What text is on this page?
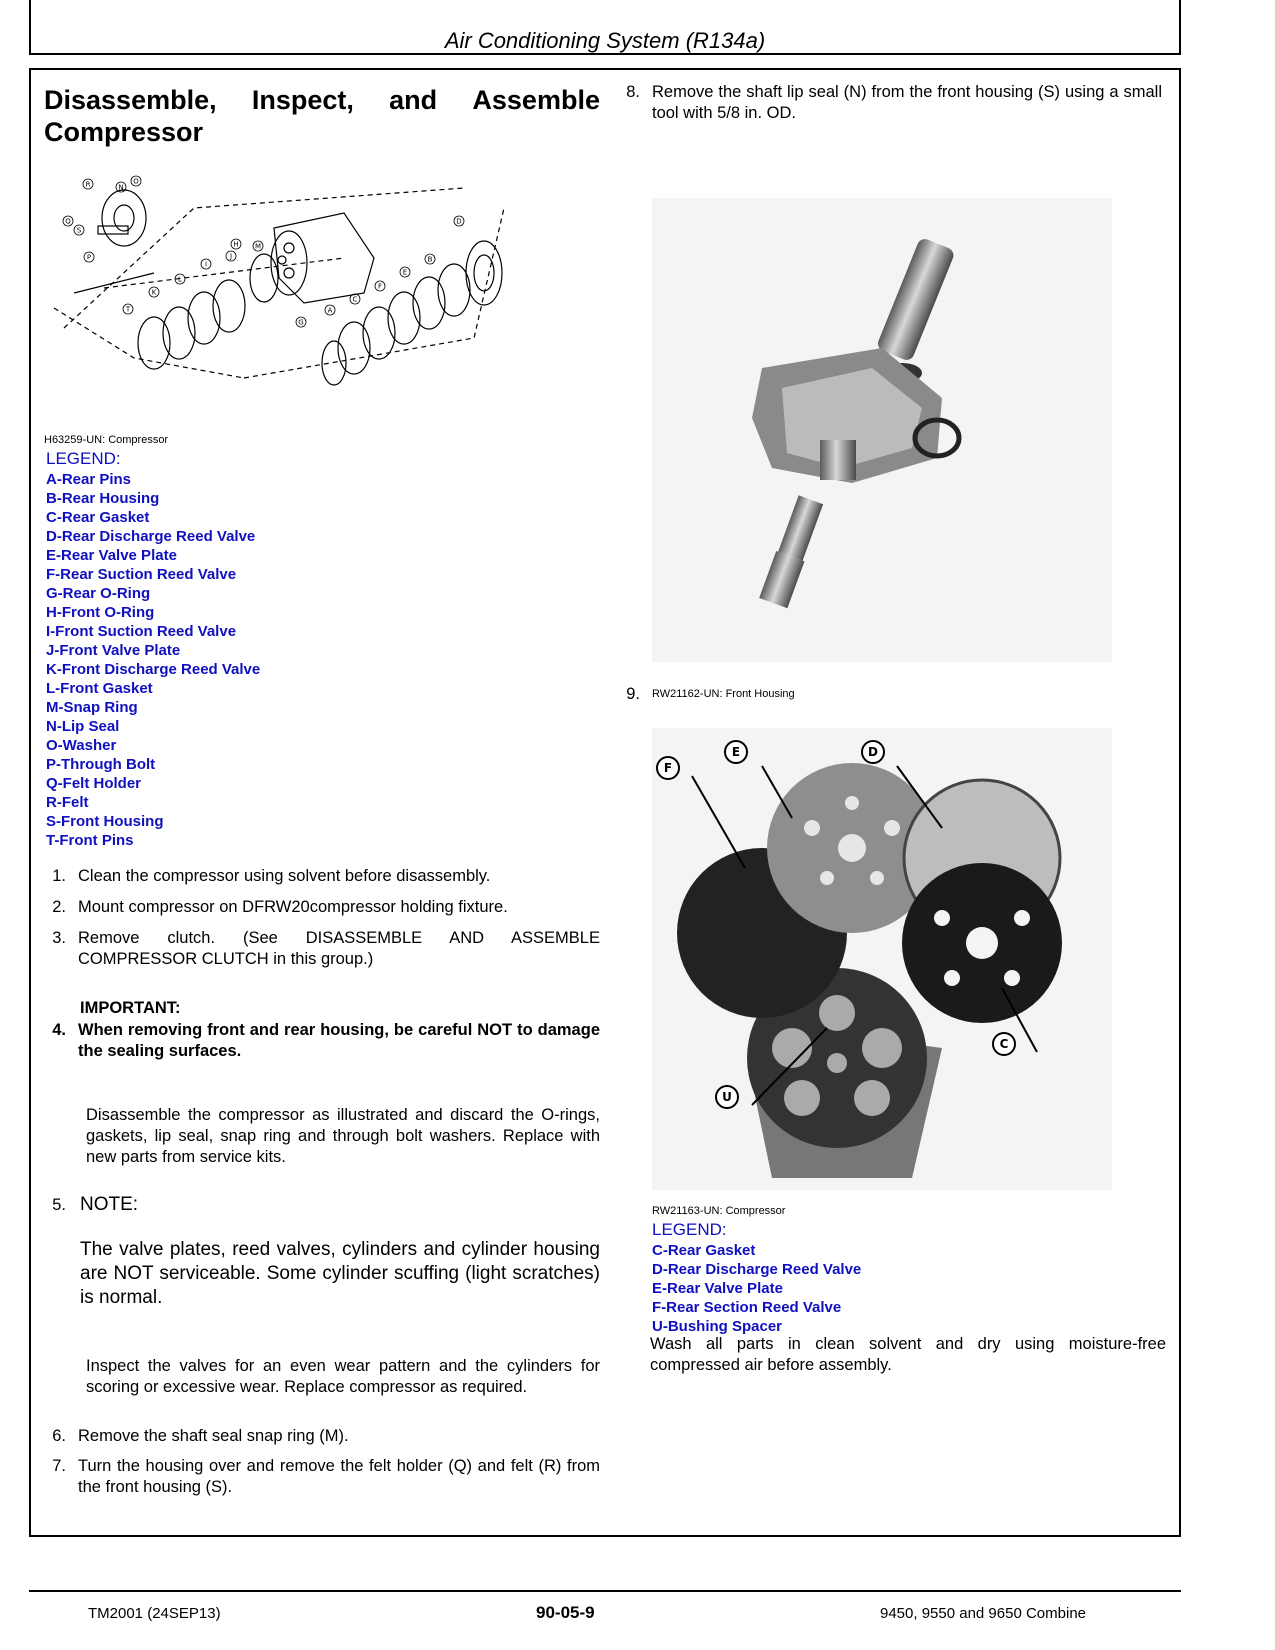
Air Conditioning System (R134a)
Disassemble, Inspect, and Assemble
Compressor
R	N
O
Q
S
P
H M
D
T
K
L
I
J
G
A
C
F
E
B
H63259-UN: Compressor
LEGEND:
A-Rear Pins
B-Rear Housing
C-Rear Gasket
D-Rear Discharge Reed Valve
E-Rear Valve Plate
F-Rear Suction Reed Valve
G-Rear O-Ring
H-Front O-Ring
I-Front Suction Reed Valve
J-Front Valve Plate
K-Front Discharge Reed Valve
L-Front Gasket
M-Snap Ring
N-Lip Seal
O-Washer
P-Through Bolt
Q-Felt Holder
R-Felt
S-Front Housing
T-Front Pins
1. Clean the compressor using solvent before disassembly.
2. Mount compressor on DFRW20compressor holding fixture.
3. Remove clutch. (See DISASSEMBLE AND ASSEMBLE COMPRESSOR CLUTCH in this group.)
IMPORTANT:
4. When removing front and rear housing, be careful NOT to damage the sealing surfaces.
Disassemble the compressor as illustrated and discard the O-rings, gaskets, lip seal, snap ring and through bolt washers. Replace with new parts from service kits.
5. NOTE:
The valve plates, reed valves, cylinders and cylinder housing are NOT serviceable. Some cylinder scuffing (light scratches) is normal.
Inspect the valves for an even wear pattern and the cylinders for scoring or excessive wear. Replace compressor as required.
6. Remove the shaft seal snap ring (M).
7. Turn the housing over and remove the felt holder (Q) and felt (R) from the front housing (S).
8. Remove the shaft lip seal (N) from the front housing (S) using a small tool with 5/8 in. OD.
9. RW21162-UN: Front Housing
F
E	D
C
U
RW21163-UN: Compressor
LEGEND:
C-Rear Gasket
D-Rear Discharge Reed Valve
E-Rear Valve Plate
F-Rear Section Reed Valve
U-Bushing Spacer
Wash all parts in clean solvent and dry using moisture-free compressed air before assembly.
TM2001 (24SEP13)	90-05-9	9450, 9550 and 9650 Combine
